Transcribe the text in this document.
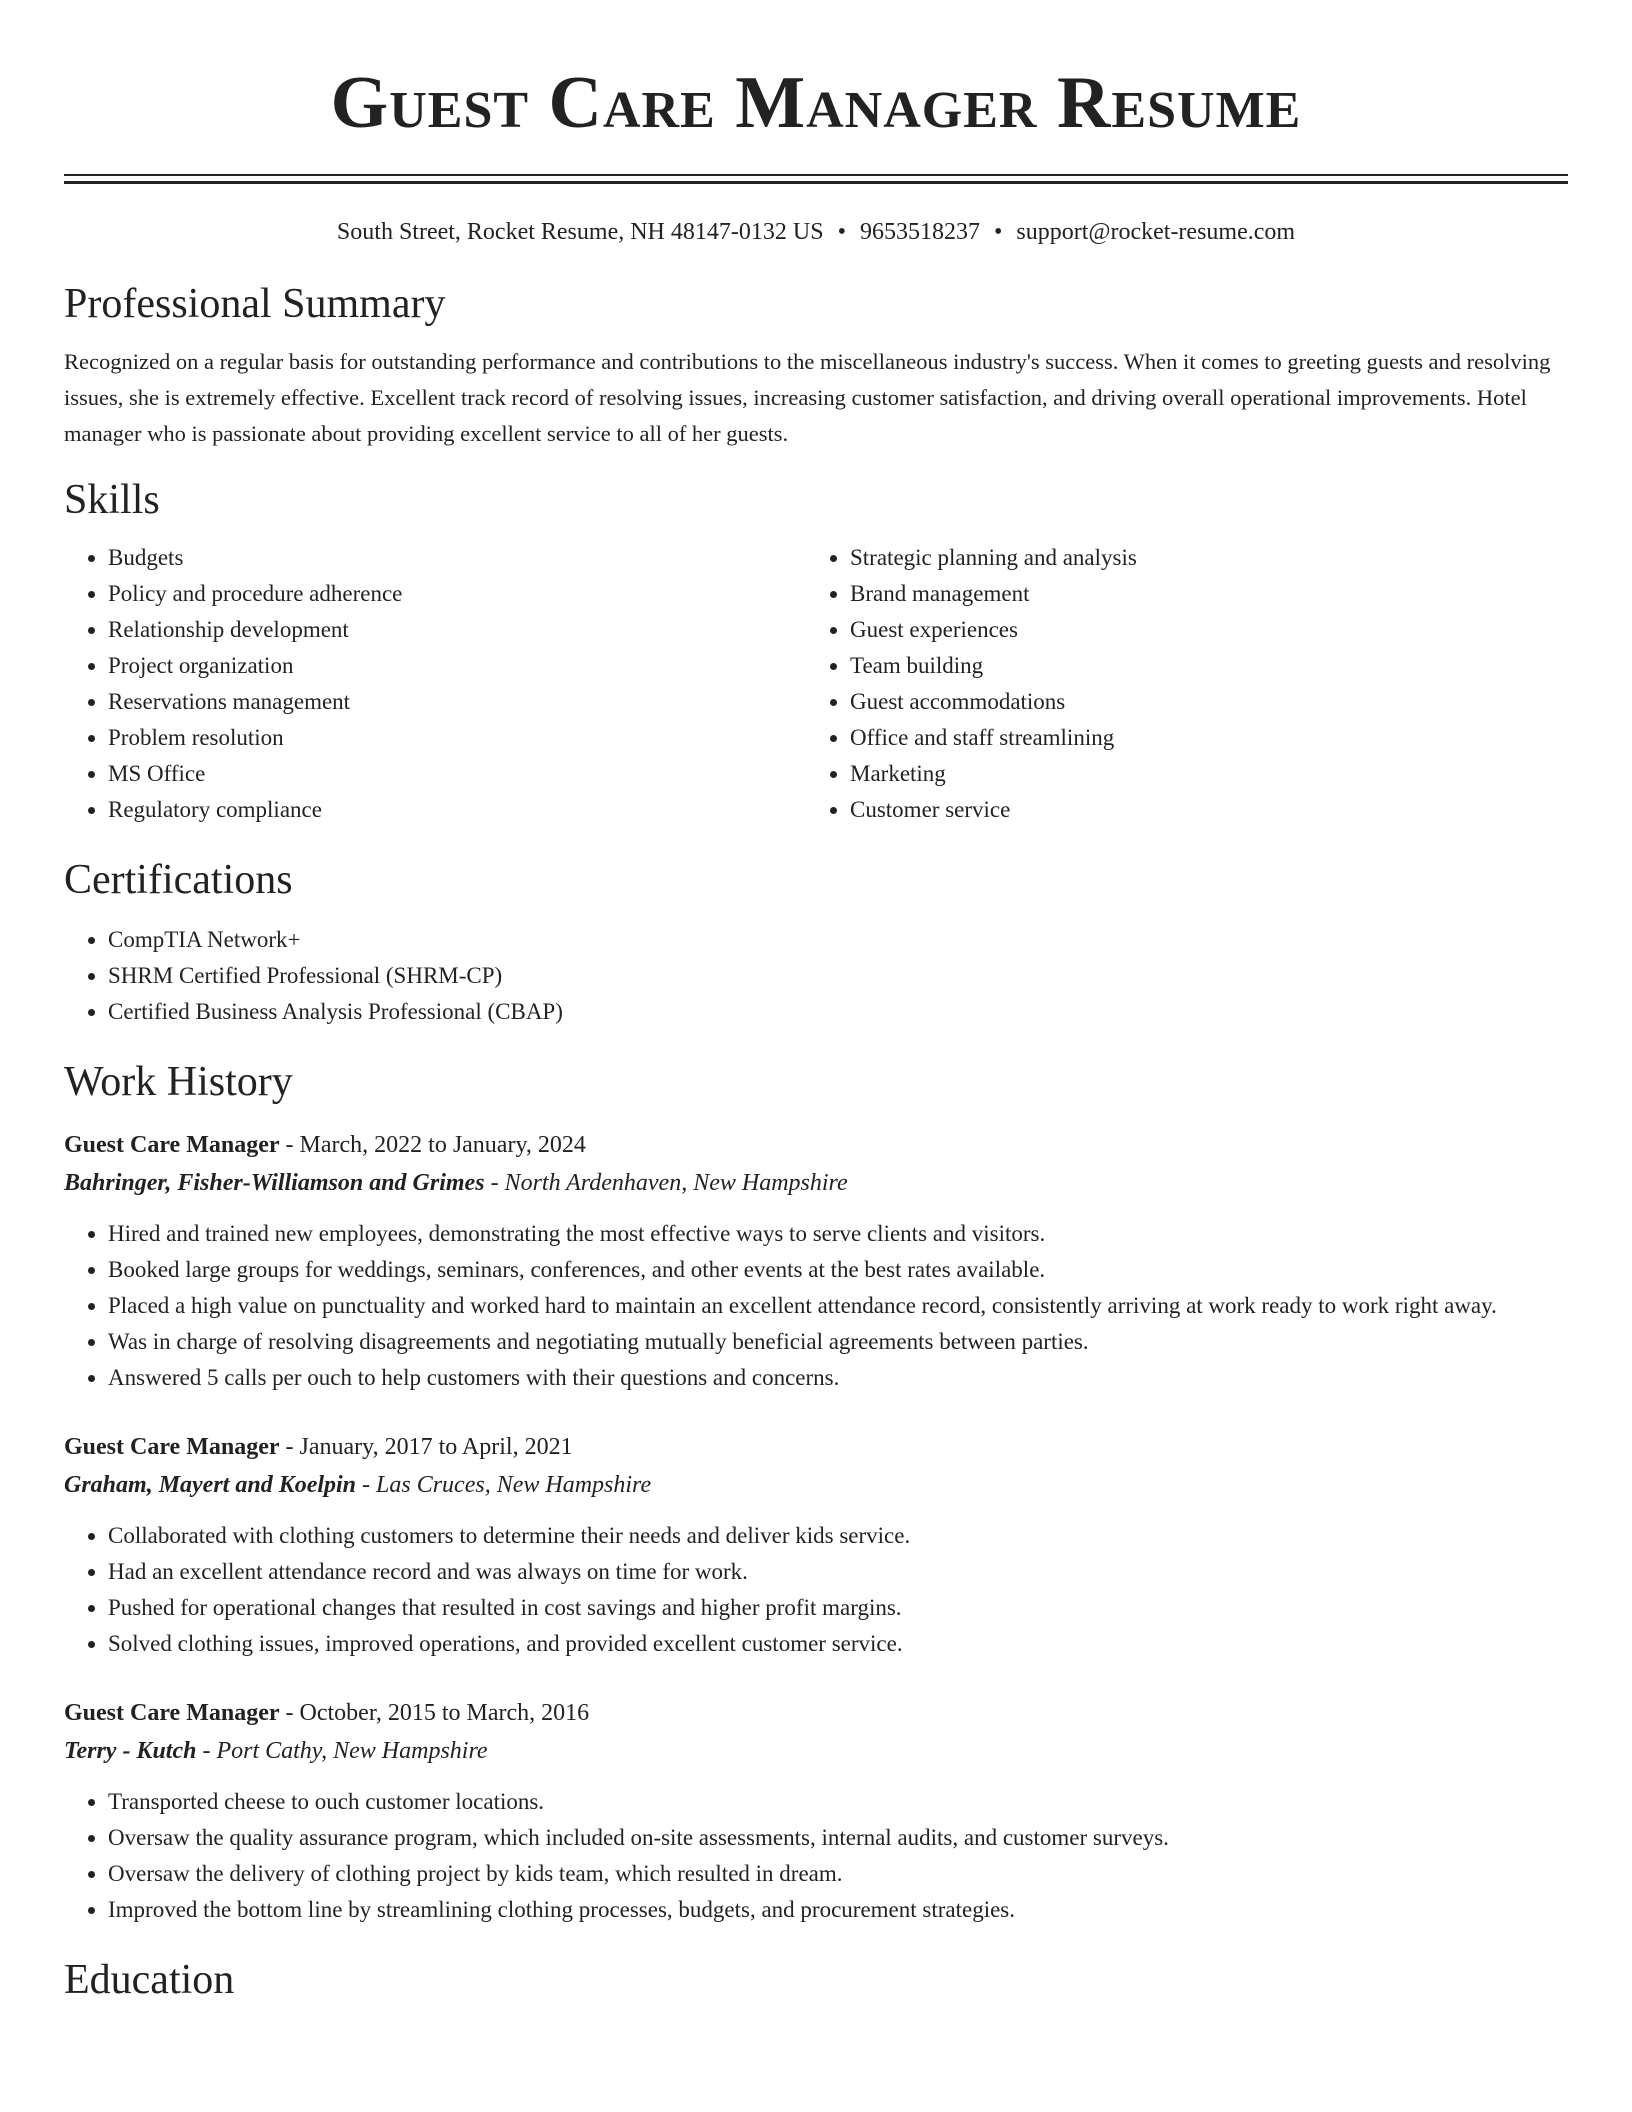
Guest Care Manager Resume
South Street, Rocket Resume, NH 48147-0132 US • 9653518237 • support@rocket-resume.com
Professional Summary

Recognized on a regular basis for outstanding performance and contributions to the miscellaneous industry's success. When it comes to greeting guests and resolving issues, she is extremely effective. Excellent track record of resolving issues, increasing customer satisfaction, and driving overall operational improvements. Hotel manager who is passionate about providing excellent service to all of her guests.

Skills
• Budgets
• Policy and procedure adherence
• Relationship development
• Project organization
• Reservations management
• Problem resolution
• MS Office
• Regulatory compliance
• Strategic planning and analysis
• Brand management
• Guest experiences
• Team building
• Guest accommodations
• Office and staff streamlining
• Marketing
• Customer service
Certifications
• CompTIA Network+
• SHRM Certified Professional (SHRM-CP)
• Certified Business Analysis Professional (CBAP)
Work History
Guest Care Manager - March, 2022 to January, 2024
Bahringer, Fisher-Williamson and Grimes - North Ardenhaven, New Hampshire
• Hired and trained new employees, demonstrating the most effective ways to serve clients and visitors.
• Booked large groups for weddings, seminars, conferences, and other events at the best rates available.
• Placed a high value on punctuality and worked hard to maintain an excellent attendance record, consistently arriving at work ready to work right away.
• Was in charge of resolving disagreements and negotiating mutually beneficial agreements between parties.
• Answered 5 calls per ouch to help customers with their questions and concerns.
Guest Care Manager - January, 2017 to April, 2021
Graham, Mayert and Koelpin - Las Cruces, New Hampshire
• Collaborated with clothing customers to determine their needs and deliver kids service.
• Had an excellent attendance record and was always on time for work.
• Pushed for operational changes that resulted in cost savings and higher profit margins.
• Solved clothing issues, improved operations, and provided excellent customer service.
Guest Care Manager - October, 2015 to March, 2016
Terry - Kutch - Port Cathy, New Hampshire
• Transported cheese to ouch customer locations.
• Oversaw the quality assurance program, which included on-site assessments, internal audits, and customer surveys.
• Oversaw the delivery of clothing project by kids team, which resulted in dream.
• Improved the bottom line by streamlining clothing processes, budgets, and procurement strategies.
Education
